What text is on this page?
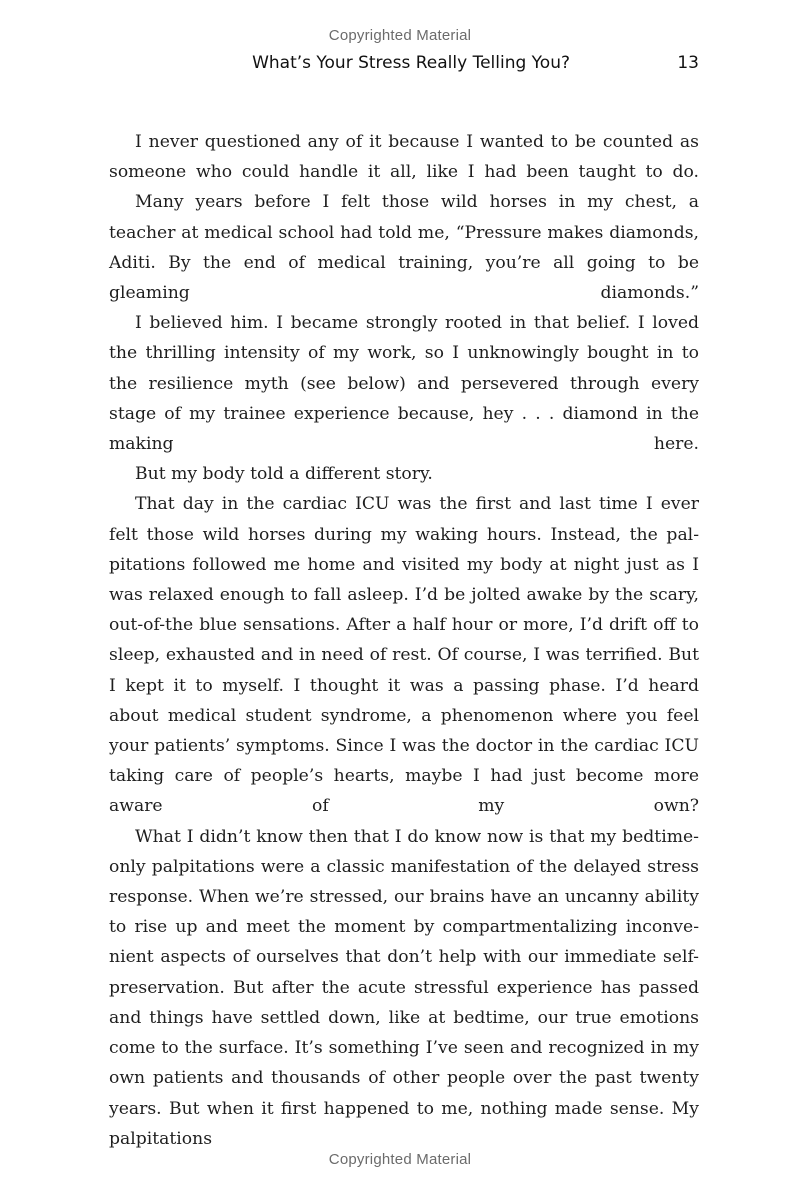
Copyrighted Material
What’s Your Stress Really Telling You?	13

I never questioned any of it because I wanted to be counted as someone who could handle it all, like I had been taught to do.

Many years before I felt those wild horses in my chest, a teacher at medical school had told me, “Pressure makes diamonds, Aditi. By the end of medical training, you’re all going to be gleaming diamonds.”

I believed him. I became strongly rooted in that belief. I loved the thrilling intensity of my work, so I unknowingly bought in to the resilience myth (see below) and persevered through every stage of my trainee experience because, hey . . . diamond in the making here.

But my body told a different story.

That day in the cardiac ICU was the first and last time I ever felt those wild horses during my waking hours. Instead, the palpitations followed me home and visited my body at night just as I was relaxed enough to fall asleep. I’d be jolted awake by the scary, out-of-the blue sensations. After a half hour or more, I’d drift off to sleep, exhausted and in need of rest. Of course, I was terrified. But I kept it to myself. I thought it was a passing phase. I’d heard about medical student syndrome, a phenomenon where you feel your patients’ symptoms. Since I was the doctor in the cardiac ICU taking care of people’s hearts, maybe I had just become more aware of my own?

What I didn’t know then that I do know now is that my bedtime-only palpitations were a classic manifestation of the delayed stress response. When we’re stressed, our brains have an uncanny ability to rise up and meet the moment by compartmentalizing inconvenient aspects of ourselves that don’t help with our immediate self-preservation. But after the acute stressful experience has passed and things have settled down, like at bedtime, our true emotions come to the surface. It’s something I’ve seen and recognized in my own patients and thousands of other people over the past twenty years. But when it first happened to me, nothing made sense. My palpitations

Copyrighted Material
